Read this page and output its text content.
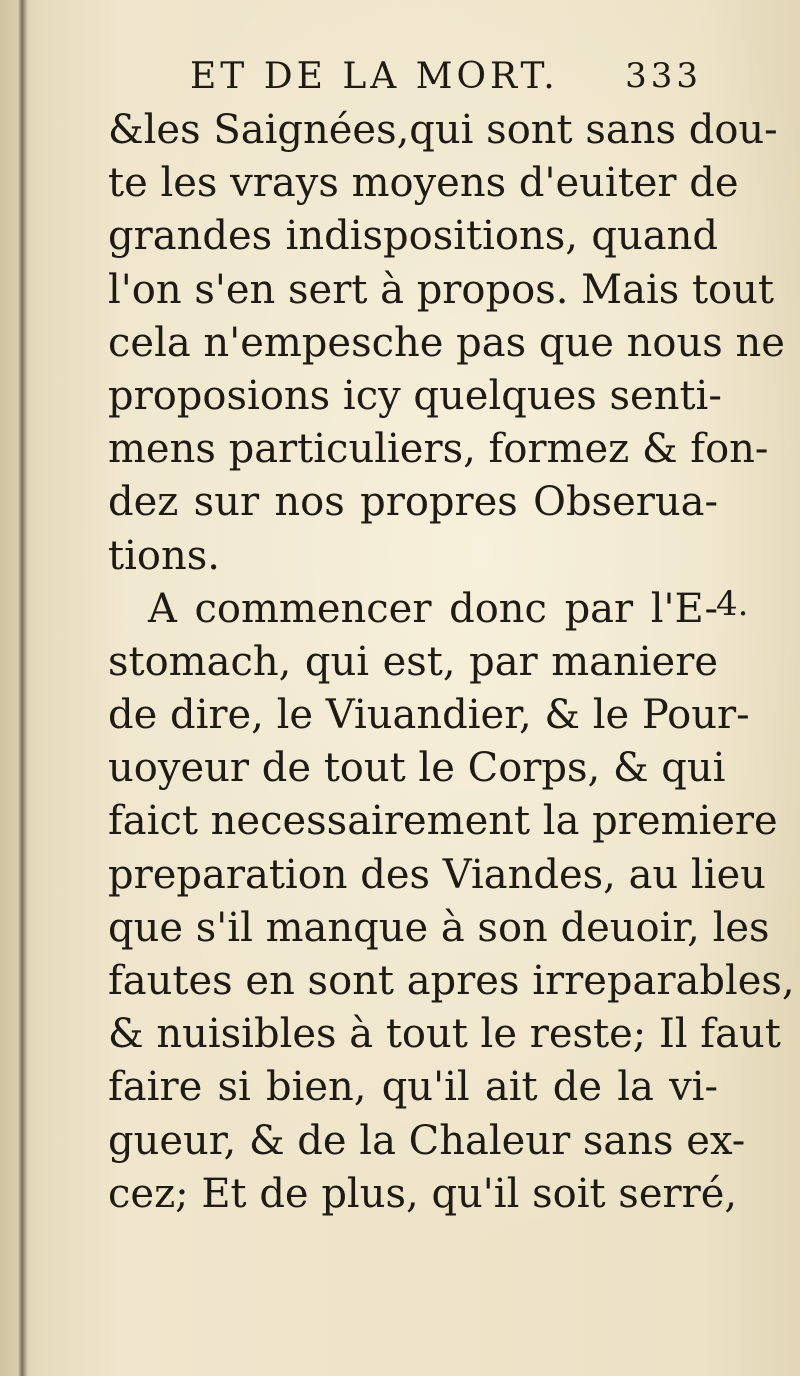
ET DE LA MORT. 333
&les Saignées,qui sont sans dou-
te les vrays moyens d'euiter de
grandes indispositions, quand
l'on s'en sert à propos. Mais tout
cela n'empesche pas que nous ne
proposions icy quelques senti-
mens particuliers, formez & fon-
dez sur nos propres Obserua-
tions.
A commencer donc par l'E-
stomach, qui est, par maniere
de dire, le Viuandier, & le Pour-
uoyeur de tout le Corps, & qui
faict necessairement la premiere
preparation des Viandes, au lieu
que s'il manque à son deuoir, les
fautes en sont apres irreparables,
& nuisibles à tout le reste; Il faut
faire si bien, qu'il ait de la vi-
gueur, & de la Chaleur sans ex-
cez; Et de plus, qu'il soit serré,
4.
